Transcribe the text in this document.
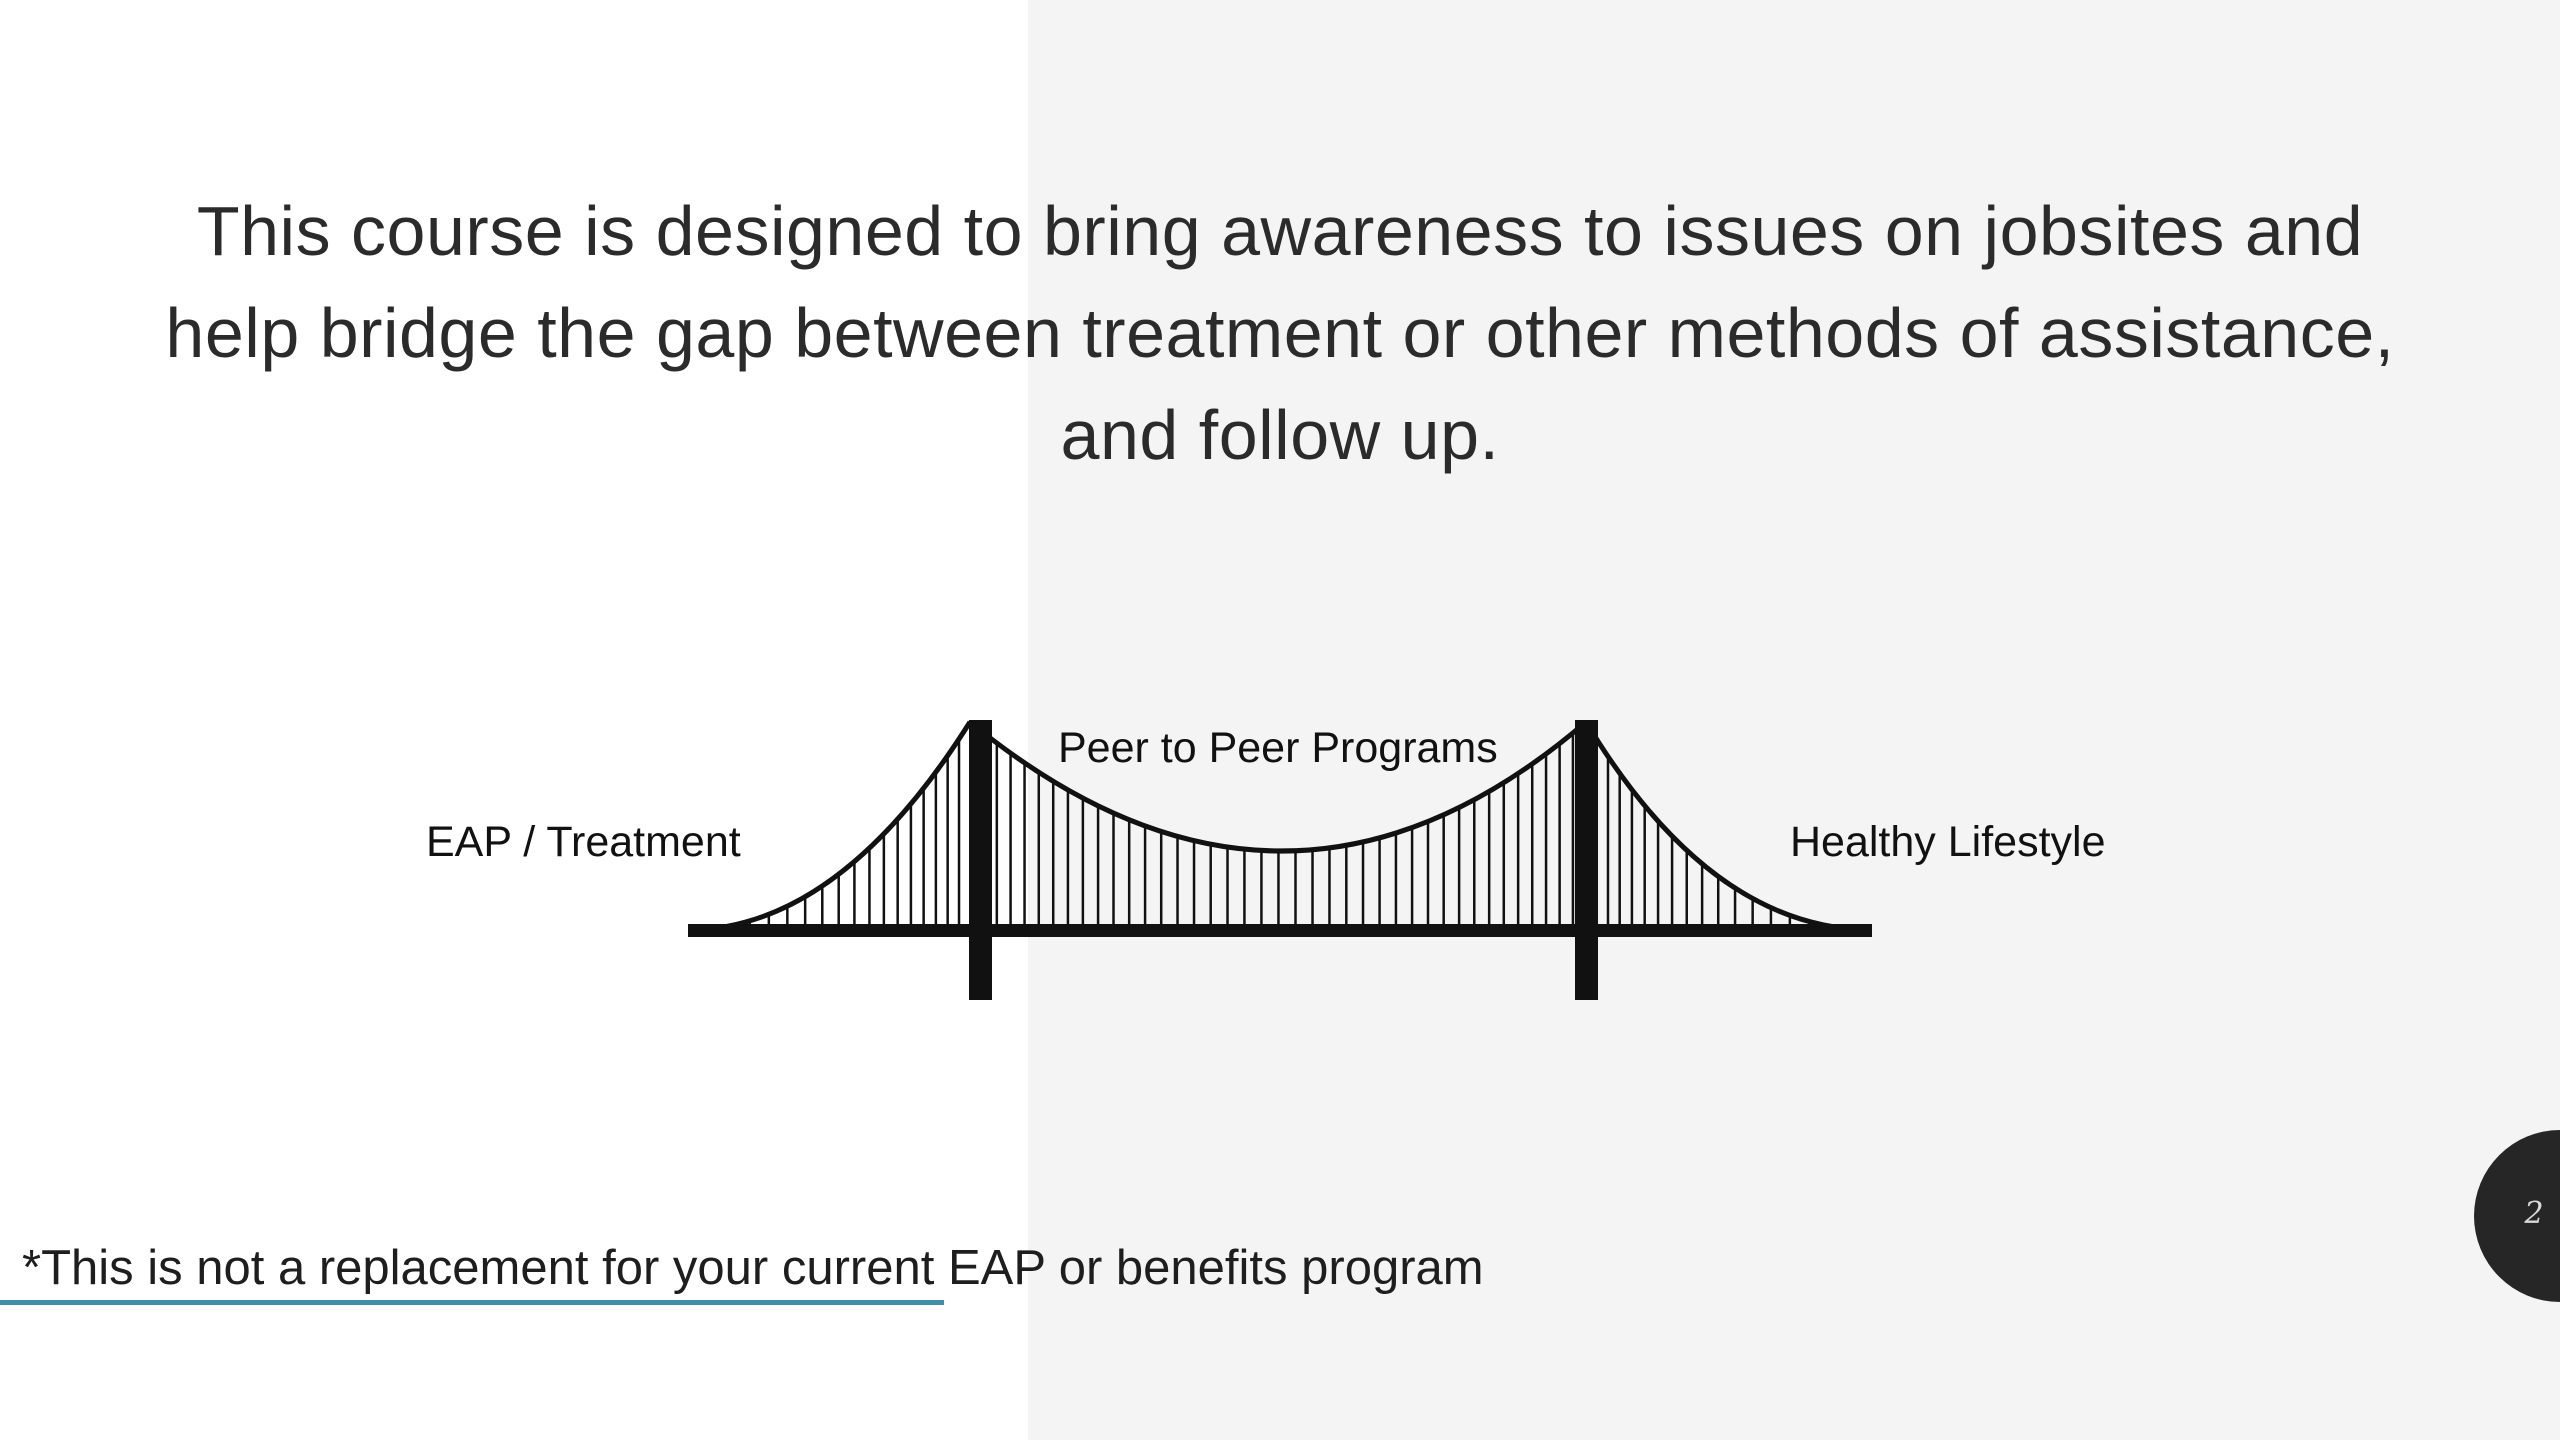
This course is designed to bring awareness to issues on jobsites and
help bridge the gap between treatment or other methods of assistance,
and follow up.
EAP / Treatment
Peer to Peer Programs
Healthy Lifestyle
*This is not a replacement for your current EAP or benefits program
2
